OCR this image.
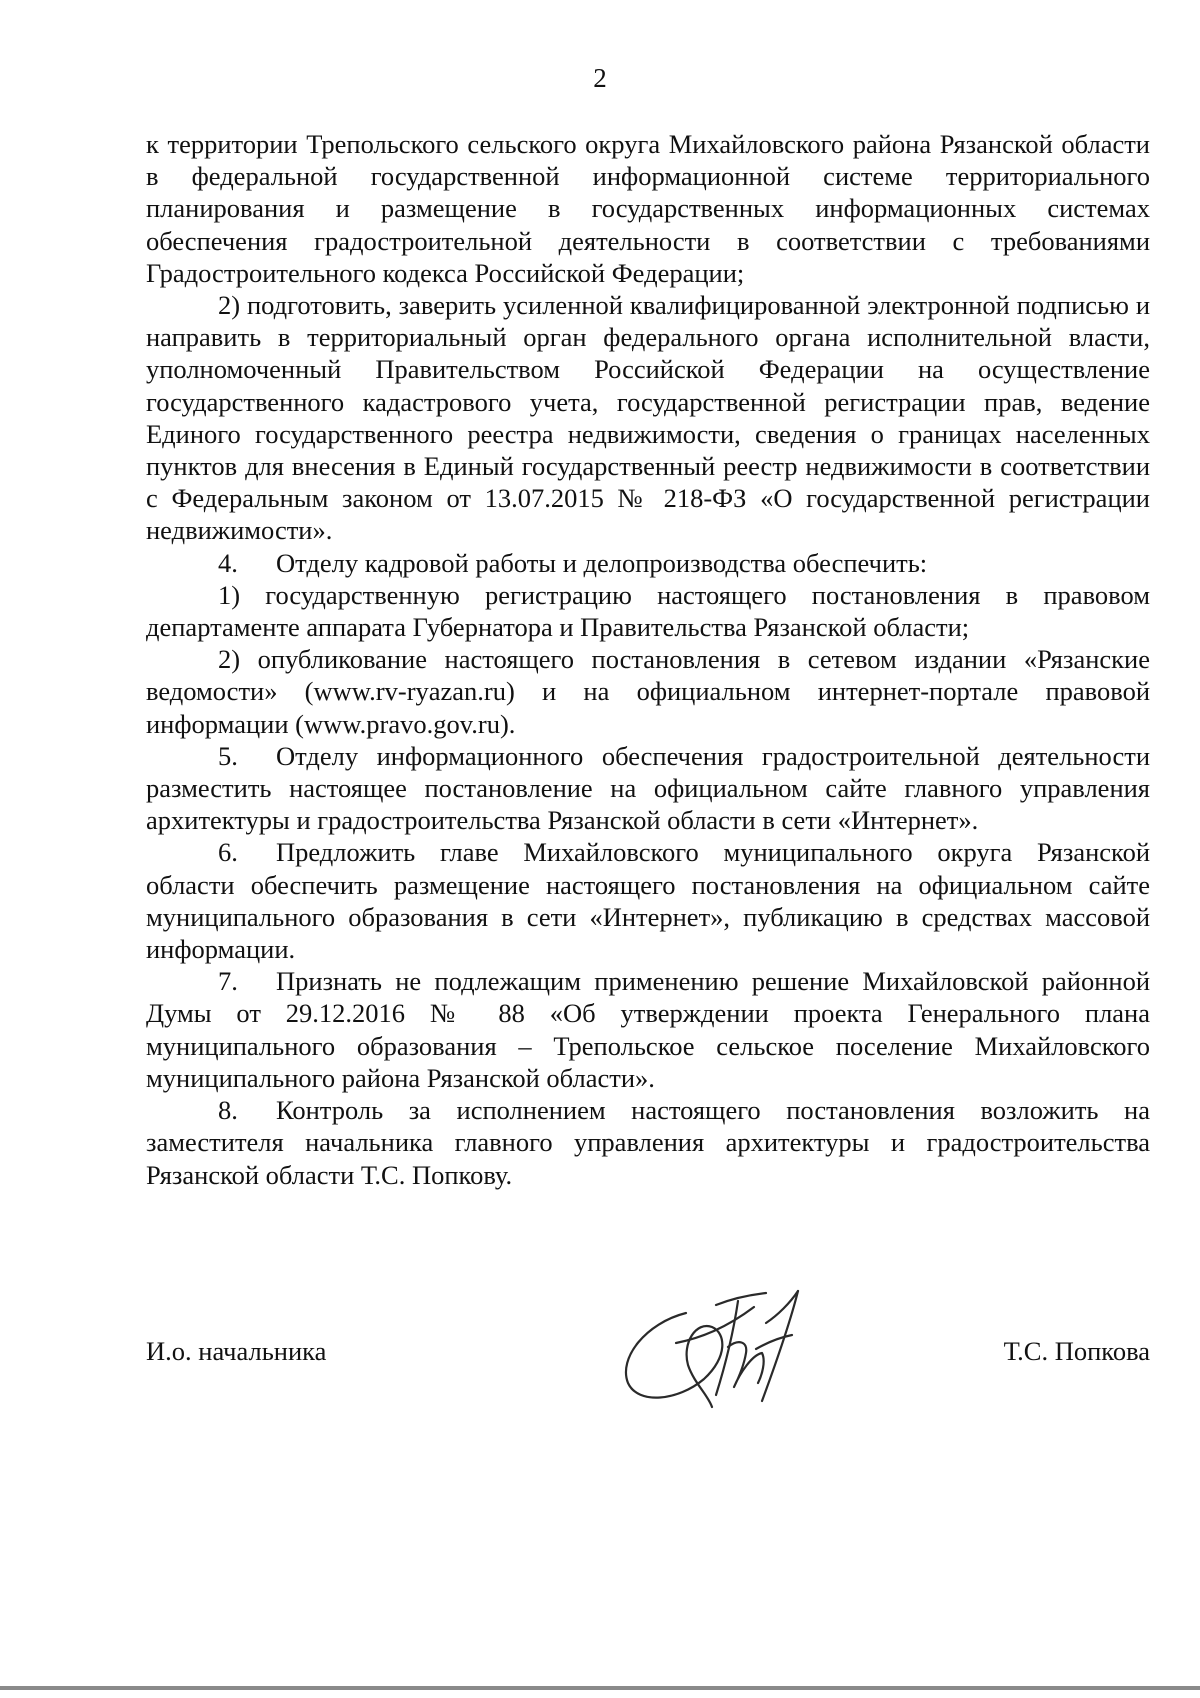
2

к территории Трепольского сельского округа Михайловского района Рязанской области в федеральной государственной информационной системе территориального планирования и размещение в государственных информационных системах обеспечения градостроительной деятельности в соответствии с требованиями Градостроительного кодекса Российской Федерации;

2) подготовить, заверить усиленной квалифицированной электронной подписью и направить в территориальный орган федерального органа исполнительной власти, уполномоченный Правительством Российской Федерации на осуществление государственного кадастрового учета, государственной регистрации прав, ведение Единого государственного реестра недвижимости, сведения о границах населенных пунктов для внесения в Единый государственный реестр недвижимости в соответствии с Федеральным законом от 13.07.2015 № 218-ФЗ «О государственной регистрации недвижимости».

4. Отделу кадровой работы и делопроизводства обеспечить:

1) государственную регистрацию настоящего постановления в правовом департаменте аппарата Губернатора и Правительства Рязанской области;

2) опубликование настоящего постановления в сетевом издании «Рязанские ведомости» (www.rv-ryazan.ru) и на официальном интернет-портале правовой информации (www.pravo.gov.ru).

5. Отделу информационного обеспечения градостроительной деятельности разместить настоящее постановление на официальном сайте главного управления архитектуры и градостроительства Рязанской области в сети «Интернет».

6. Предложить главе Михайловского муниципального округа Рязанской области обеспечить размещение настоящего постановления на официальном сайте муниципального образования в сети «Интернет», публикацию в средствах массовой информации.

7. Признать не подлежащим применению решение Михайловской районной Думы от 29.12.2016 № 88 «Об утверждении проекта Генерального плана муниципального образования – Трепольское сельское поселение Михайловского муниципального района Рязанской области».

8. Контроль за исполнением настоящего постановления возложить на заместителя начальника главного управления архитектуры и градостроительства Рязанской области Т.С. Попкову.

И.о. начальника	Т.С. Попкова
